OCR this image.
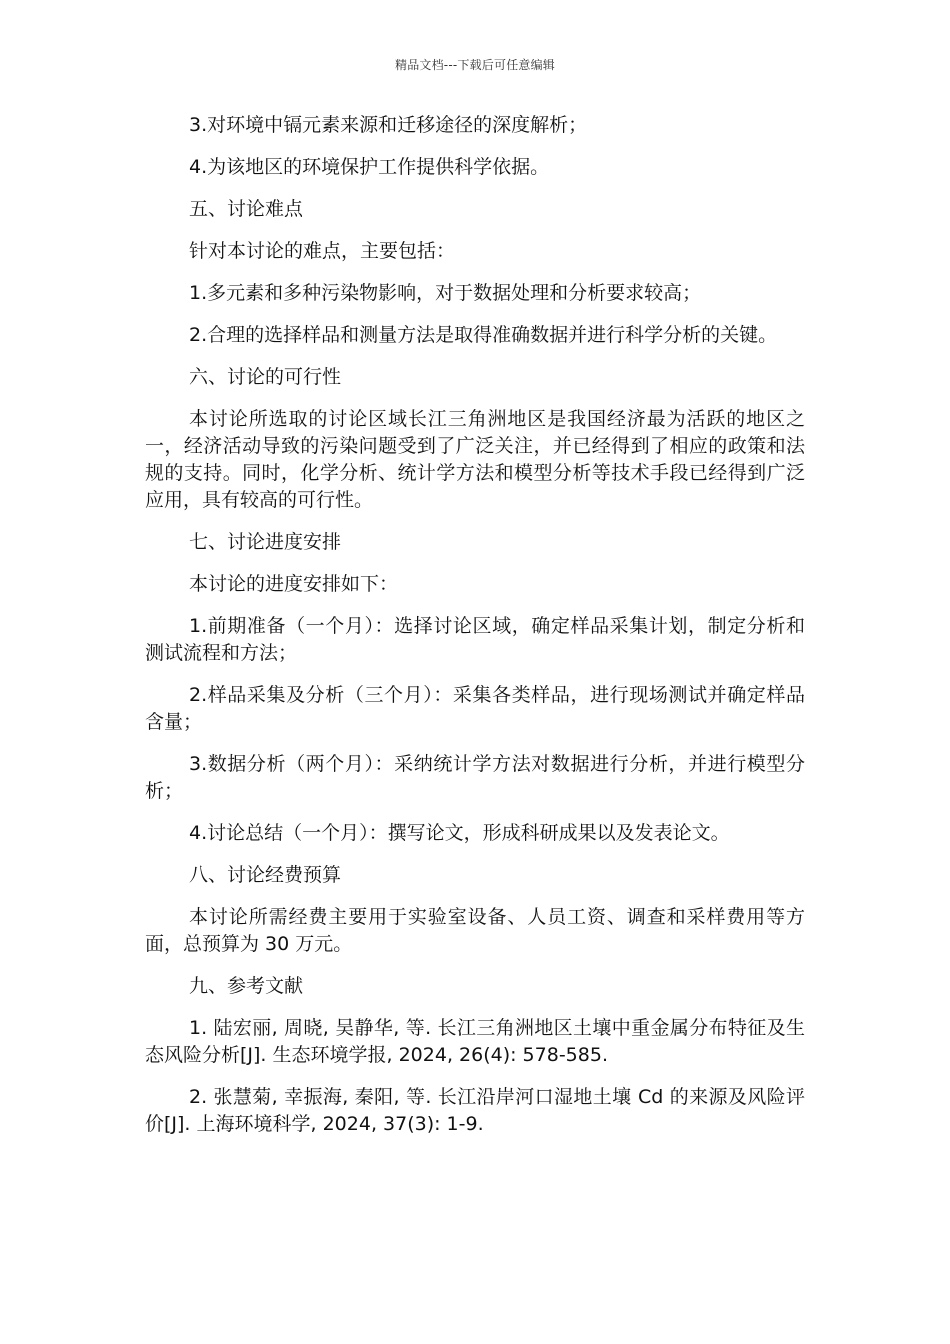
精品文档---下载后可任意编辑

3.对环境中镉元素来源和迁移途径的深度解析；

4.为该地区的环境保护工作提供科学依据。

五、讨论难点

针对本讨论的难点，主要包括：

1.多元素和多种污染物影响，对于数据处理和分析要求较高；

2.合理的选择样品和测量方法是取得准确数据并进行科学分析的关键。

六、讨论的可行性

本讨论所选取的讨论区域长江三角洲地区是我国经济最为活跃的地区之一，经济活动导致的污染问题受到了广泛关注，并已经得到了相应的政策和法规的支持。同时，化学分析、统计学方法和模型分析等技术手段已经得到广泛应用，具有较高的可行性。

七、讨论进度安排

本讨论的进度安排如下：

1.前期准备（一个月）：选择讨论区域，确定样品采集计划，制定分析和测试流程和方法；

2.样品采集及分析（三个月）：采集各类样品，进行现场测试并确定样品含量；

3.数据分析（两个月）：采纳统计学方法对数据进行分析，并进行模型分析；

4.讨论总结（一个月）：撰写论文，形成科研成果以及发表论文。

八、讨论经费预算

本讨论所需经费主要用于实验室设备、人员工资、调查和采样费用等方面，总预算为 30 万元。

九、参考文献

1. 陆宏丽, 周晓, 吴静华, 等. 长江三角洲地区土壤中重金属分布特征及生态风险分析[J]. 生态环境学报, 2024, 26(4): 578-585.

2. 张慧菊, 幸振海, 秦阳, 等. 长江沿岸河口湿地土壤 Cd 的来源及风险评价[J]. 上海环境科学, 2024, 37(3): 1-9.
